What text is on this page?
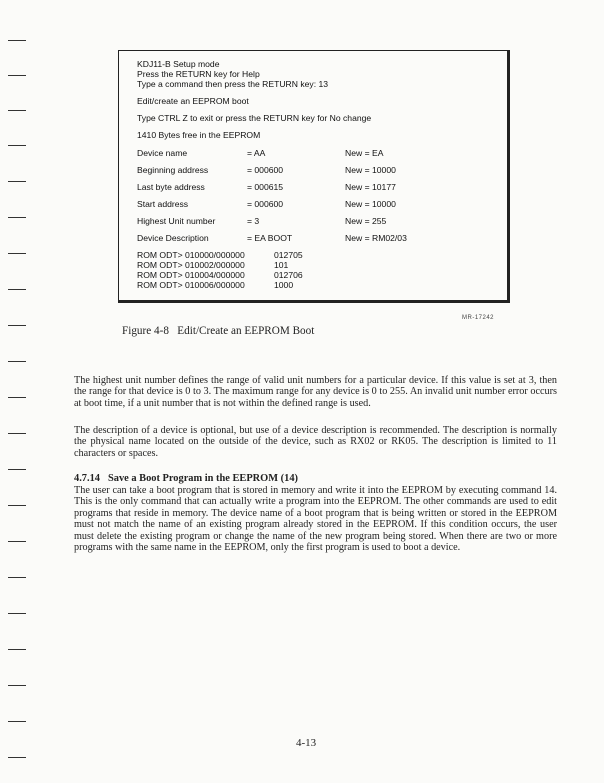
KDJ11-B Setup mode
Press the RETURN key for Help
Type a command then press the RETURN key: 13
Edit/create an EEPROM boot
Type CTRL Z to exit or press the RETURN key for No change
1410 Bytes free in the EEPROM
Device name	= AA	New = EA
Beginning address	= 000600	New = 10000
Last byte address	= 000615	New = 10177
Start address	= 000600	New = 10000
Highest Unit number	= 3	New = 255
Device Description	= EA BOOT	New = RM02/03
ROM ODT> 010000/000000	012705
ROM ODT> 010002/000000	101
ROM ODT> 010004/000000	012706
ROM ODT> 010006/000000	1000
MR-17242
Figure 4-8   Edit/Create an EEPROM Boot

The highest unit number defines the range of valid unit numbers for a particular device. If this value is set at 3, then the range for that device is 0 to 3. The maximum range for any device is 0 to 255. An invalid unit number error occurs at boot time, if a unit number that is not within the defined range is used.

The description of a device is optional, but use of a device description is recommended. The description is normally the physical name located on the outside of the device, such as RX02 or RK05. The description is limited to 11 characters or spaces.

4.7.14 Save a Boot Program in the EEPROM (14)

The user can take a boot program that is stored in memory and write it into the EEPROM by executing command 14. This is the only command that can actually write a program into the EEPROM. The other commands are used to edit programs that reside in memory. The device name of a boot program that is being written or stored in the EEPROM must not match the name of an existing program already stored in the EEPROM. If this condition occurs, the user must delete the existing program or change the name of the new program being stored. When there are two or more programs with the same name in the EEPROM, only the first program is used to boot a device.

4-13
